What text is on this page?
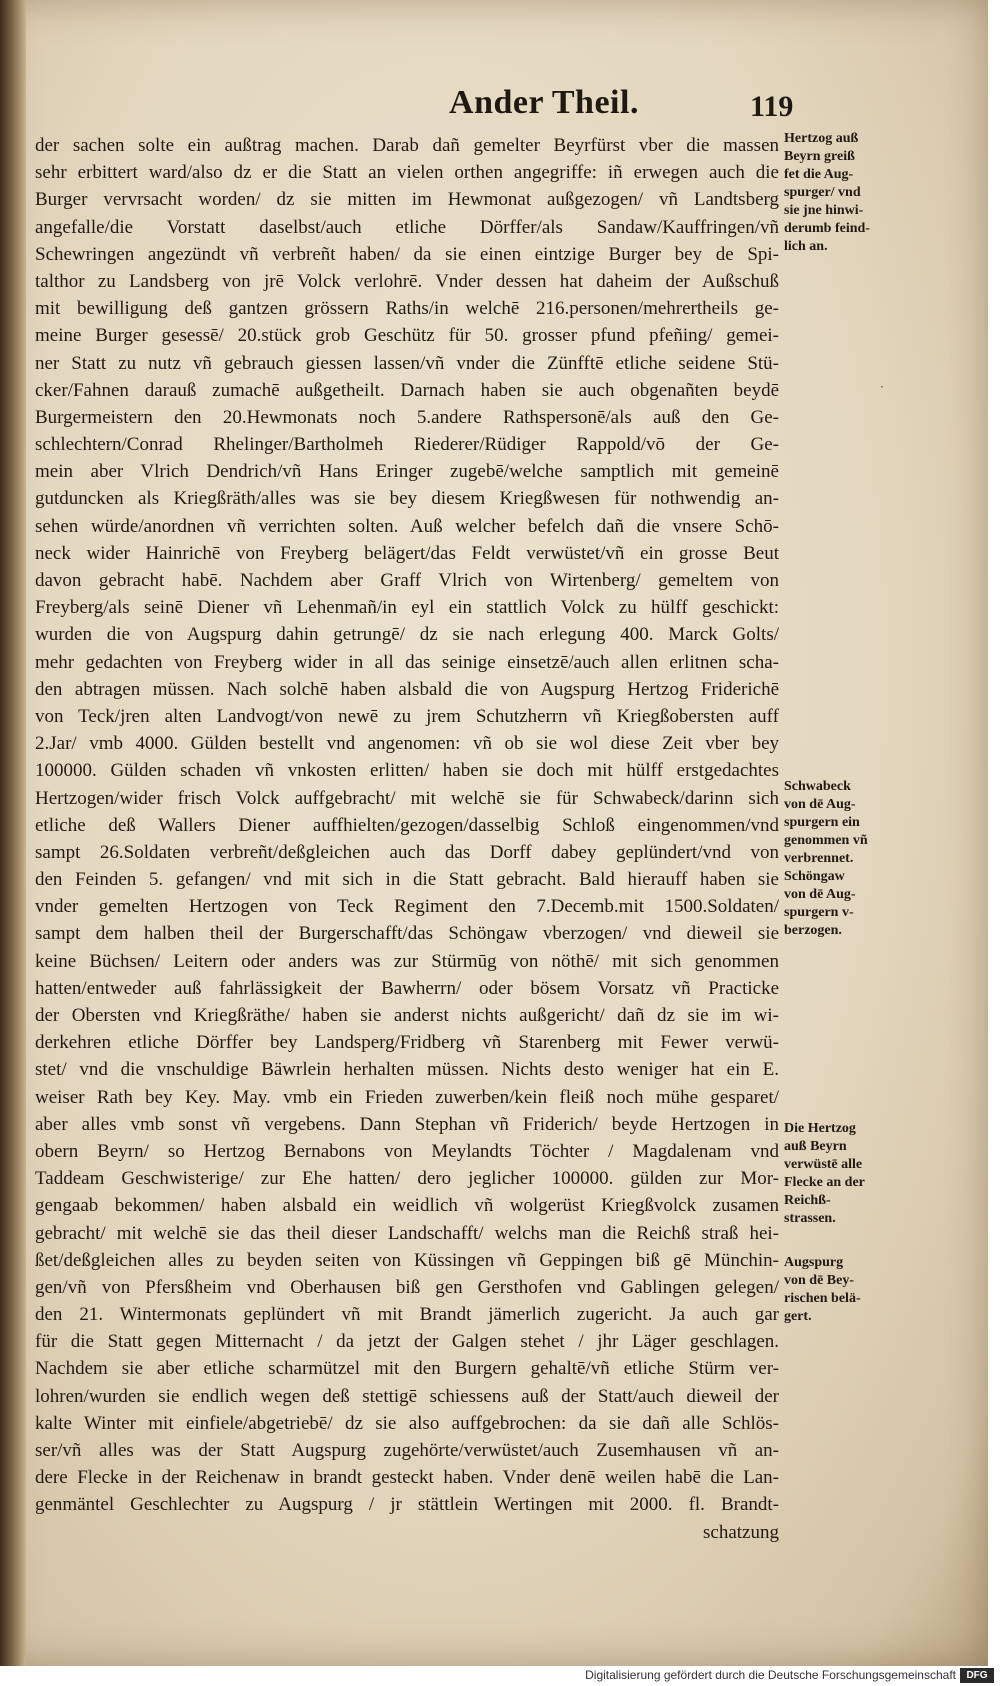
Ander Theil.	119
·
der sachen solte ein außtrag machen. Darab dañ gemelter Beyrfürst vber die massen
sehr erbittert ward/also dz er die Statt an vielen orthen angegriffe: iñ erwegen auch die
Burger vervrsacht worden/ dz sie mitten im Hewmonat außgezogen/ vñ Landtsberg
angefalle/die Vorstatt daselbst/auch etliche Dörffer/als Sandaw/Kauffringen/vñ
Schewringen angezündt vñ verbreñt haben/ da sie einen eintzige Burger bey de Spi-
talthor zu Landsberg von jrē Volck verlohrē. Vnder dessen hat daheim der Außschuß
mit bewilligung deß gantzen grössern Raths/in welchē 216.personen/mehrertheils ge-
meine Burger gesessē/ 20.stück grob Geschütz für 50. grosser pfund pfeñing/ gemei-
ner Statt zu nutz vñ gebrauch giessen lassen/vñ vnder die Zünfftē etliche seidene Stü-
cker/Fahnen darauß zumachē außgetheilt. Darnach haben sie auch obgenañten beydē
Burgermeistern den 20.Hewmonats noch 5.andere Rathspersonē/als auß den Ge-
schlechtern/Conrad Rhelinger/Bartholmeh Riederer/Rüdiger Rappold/vō der Ge-
mein aber Vlrich Dendrich/vñ Hans Eringer zugebē/welche samptlich mit gemeinē
gutduncken als Kriegßräth/alles was sie bey diesem Kriegßwesen für nothwendig an-
sehen würde/anordnen vñ verrichten solten. Auß welcher befelch dañ die vnsere Schō-
neck wider Hainrichē von Freyberg belägert/das Feldt verwüstet/vñ ein grosse Beut
davon gebracht habē. Nachdem aber Graff Vlrich von Wirtenberg/ gemeltem von
Freyberg/als seinē Diener vñ Lehenmañ/in eyl ein stattlich Volck zu hülff geschickt:
wurden die von Augspurg dahin getrungē/ dz sie nach erlegung 400. Marck Golts/
mehr gedachten von Freyberg wider in all das seinige einsetzē/auch allen erlitnen scha-
den abtragen müssen. Nach solchē haben alsbald die von Augspurg Hertzog Friderichē
von Teck/jren alten Landvogt/von newē zu jrem Schutzherrn vñ Kriegßobersten auff
2.Jar/ vmb 4000. Gülden bestellt vnd angenomen: vñ ob sie wol diese Zeit vber bey
100000. Gülden schaden vñ vnkosten erlitten/ haben sie doch mit hülff erstgedachtes
Hertzogen/wider frisch Volck auffgebracht/ mit welchē sie für Schwabeck/darinn sich
etliche deß Wallers Diener auffhielten/gezogen/dasselbig Schloß eingenommen/vnd
sampt 26.Soldaten verbreñt/deßgleichen auch das Dorff dabey geplündert/vnd von
den Feinden 5. gefangen/ vnd mit sich in die Statt gebracht. Bald hierauff haben sie
vnder gemelten Hertzogen von Teck Regiment den 7.Decemb.mit 1500.Soldaten/
sampt dem halben theil der Burgerschafft/das Schöngaw vberzogen/ vnd dieweil sie
keine Büchsen/ Leitern oder anders was zur Stürmūg von nöthē/ mit sich genommen
hatten/entweder auß fahrlässigkeit der Bawherrn/ oder bösem Vorsatz vñ Practicke
der Obersten vnd Kriegßräthe/ haben sie anderst nichts außgericht/ dañ dz sie im wi-
derkehren etliche Dörffer bey Landsperg/Fridberg vñ Starenberg mit Fewer verwü-
stet/ vnd die vnschuldige Bäwrlein herhalten müssen. Nichts desto weniger hat ein E.
weiser Rath bey Key. May. vmb ein Frieden zuwerben/kein fleiß noch mühe gesparet/
aber alles vmb sonst vñ vergebens. Dann Stephan vñ Friderich/ beyde Hertzogen in
obern Beyrn/ so Hertzog Bernabons von Meylandts Töchter / Magdalenam vnd
Taddeam Geschwisterige/ zur Ehe hatten/ dero jeglicher 100000. gülden zur Mor-
gengaab bekommen/ haben alsbald ein weidlich vñ wolgerüst Kriegßvolck zusamen
gebracht/ mit welchē sie das theil dieser Landschafft/ welchs man die Reichß straß hei-
ßet/deßgleichen alles zu beyden seiten von Küssingen vñ Geppingen biß gē Münchin-
gen/vñ von Pfersßheim vnd Oberhausen biß gen Gersthofen vnd Gablingen gelegen/
den 21. Wintermonats geplündert vñ mit Brandt jämerlich zugericht. Ja auch gar
für die Statt gegen Mitternacht / da jetzt der Galgen stehet / jhr Läger geschlagen.
Nachdem sie aber etliche scharmützel mit den Burgern gehaltē/vñ etliche Stürm ver-
lohren/wurden sie endlich wegen deß stettigē schiessens auß der Statt/auch dieweil der
kalte Winter mit einfiele/abgetriebē/ dz sie also auffgebrochen: da sie dañ alle Schlös-
ser/vñ alles was der Statt Augspurg zugehörte/verwüstet/auch Zusemhausen vñ an-
dere Flecke in der Reichenaw in brandt gesteckt haben. Vnder denē weilen habē die Lan-
genmäntel Geschlechter zu Augspurg / jr stättlein Wertingen mit 2000. fl. Brandt-
schatzung
Hertzog auß
Beyrn greiß
fet die Aug-
spurger/ vnd
sie jne hinwi-
derumb feind-
lich an.
Schwabeck
von dē Aug-
spurgern ein
genommen vñ
verbrennet.
Schöngaw
von dē Aug-
spurgern v-
berzogen.
Die Hertzog
auß Beyrn
verwüstē alle
Flecke an der
Reichß-
strassen.
Augspurg
von dē Bey-
rischen belä-
gert.
Digitalisierung gefördert durch die Deutsche Forschungsgemeinschaft	DFG
